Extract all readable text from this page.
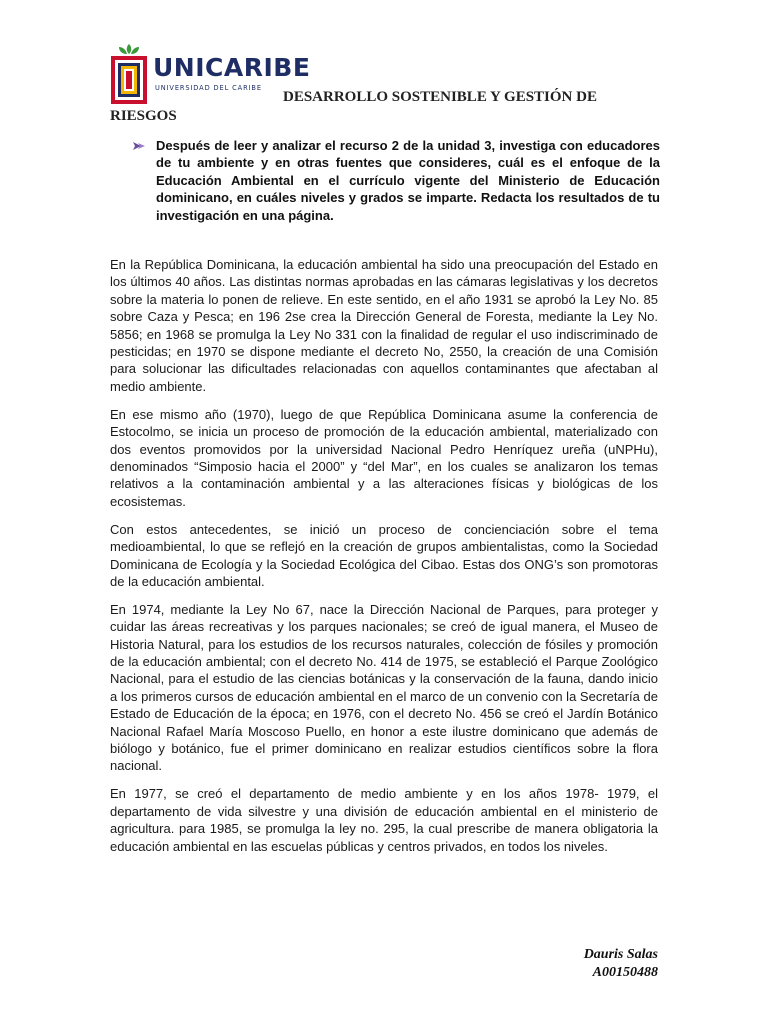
UNICARIBE
UNIVERSIDAD DEL CARIBE
DESARROLLO SOSTENIBLE Y GESTIÓN DE RIESGOS

Después de leer y analizar el recurso 2 de la unidad 3, investiga con educadores de tu ambiente y en otras fuentes que consideres, cuál es el enfoque de la Educación Ambiental en el currículo vigente del Ministerio de Educación dominicano, en cuáles niveles y grados se imparte. Redacta los resultados de tu investigación en una página.

En la República Dominicana, la educación ambiental ha sido una preocupación del Estado en los últimos 40 años. Las distintas normas aprobadas en las cámaras legislativas y los decretos sobre la materia lo ponen de relieve. En este sentido, en el año 1931 se aprobó la Ley No. 85 sobre Caza y Pesca; en 196 2se crea la Dirección General de Foresta, mediante la Ley No. 5856; en 1968 se promulga la Ley No 331 con la finalidad de regular el uso indiscriminado de pesticidas; en 1970 se dispone mediante el decreto No, 2550, la creación de una Comisión para solucionar las dificultades relacionadas con aquellos contaminantes que afectaban al medio ambiente.

En ese mismo año (1970), luego de que República Dominicana asume la conferencia de Estocolmo, se inicia un proceso de promoción de la educación ambiental, materializado con dos eventos promovidos por la universidad Nacional Pedro Henríquez ureña (uNPHu), denominados “Simposio hacia el 2000” y “del Mar”, en los cuales se analizaron los temas relativos a la contaminación ambiental y a las alteraciones físicas y biológicas de los ecosistemas.

Con estos antecedentes, se inició un proceso de concienciación sobre el tema medioambiental, lo que se reflejó en la creación de grupos ambientalistas, como la Sociedad Dominicana de Ecología y la Sociedad Ecológica del Cibao. Estas dos ONG’s son promotoras de la educación ambiental.

En 1974, mediante la Ley No 67, nace la Dirección Nacional de Parques, para proteger y cuidar las áreas recreativas y los parques nacionales; se creó de igual manera, el Museo de Historia Natural, para los estudios de los recursos naturales, colección de fósiles y promoción de la educación ambiental; con el decreto No. 414 de 1975, se estableció el Parque Zoológico Nacional, para el estudio de las ciencias botánicas y la conservación de la fauna, dando inicio a los primeros cursos de educación ambiental en el marco de un convenio con la Secretaría de Estado de Educación de la época; en 1976, con el decreto No. 456 se creó el Jardín Botánico Nacional Rafael María Moscoso Puello, en honor a este ilustre dominicano que además de biólogo y botánico, fue el primer dominicano en realizar estudios científicos sobre la flora nacional.

En 1977, se creó el departamento de medio ambiente y en los años 1978- 1979, el departamento de vida silvestre y una división de educación ambiental en el ministerio de agricultura. para 1985, se promulga la ley no. 295, la cual prescribe de manera obligatoria la educación ambiental en las escuelas públicas y centros privados, en todos los niveles.

Dauris Salas
A00150488
